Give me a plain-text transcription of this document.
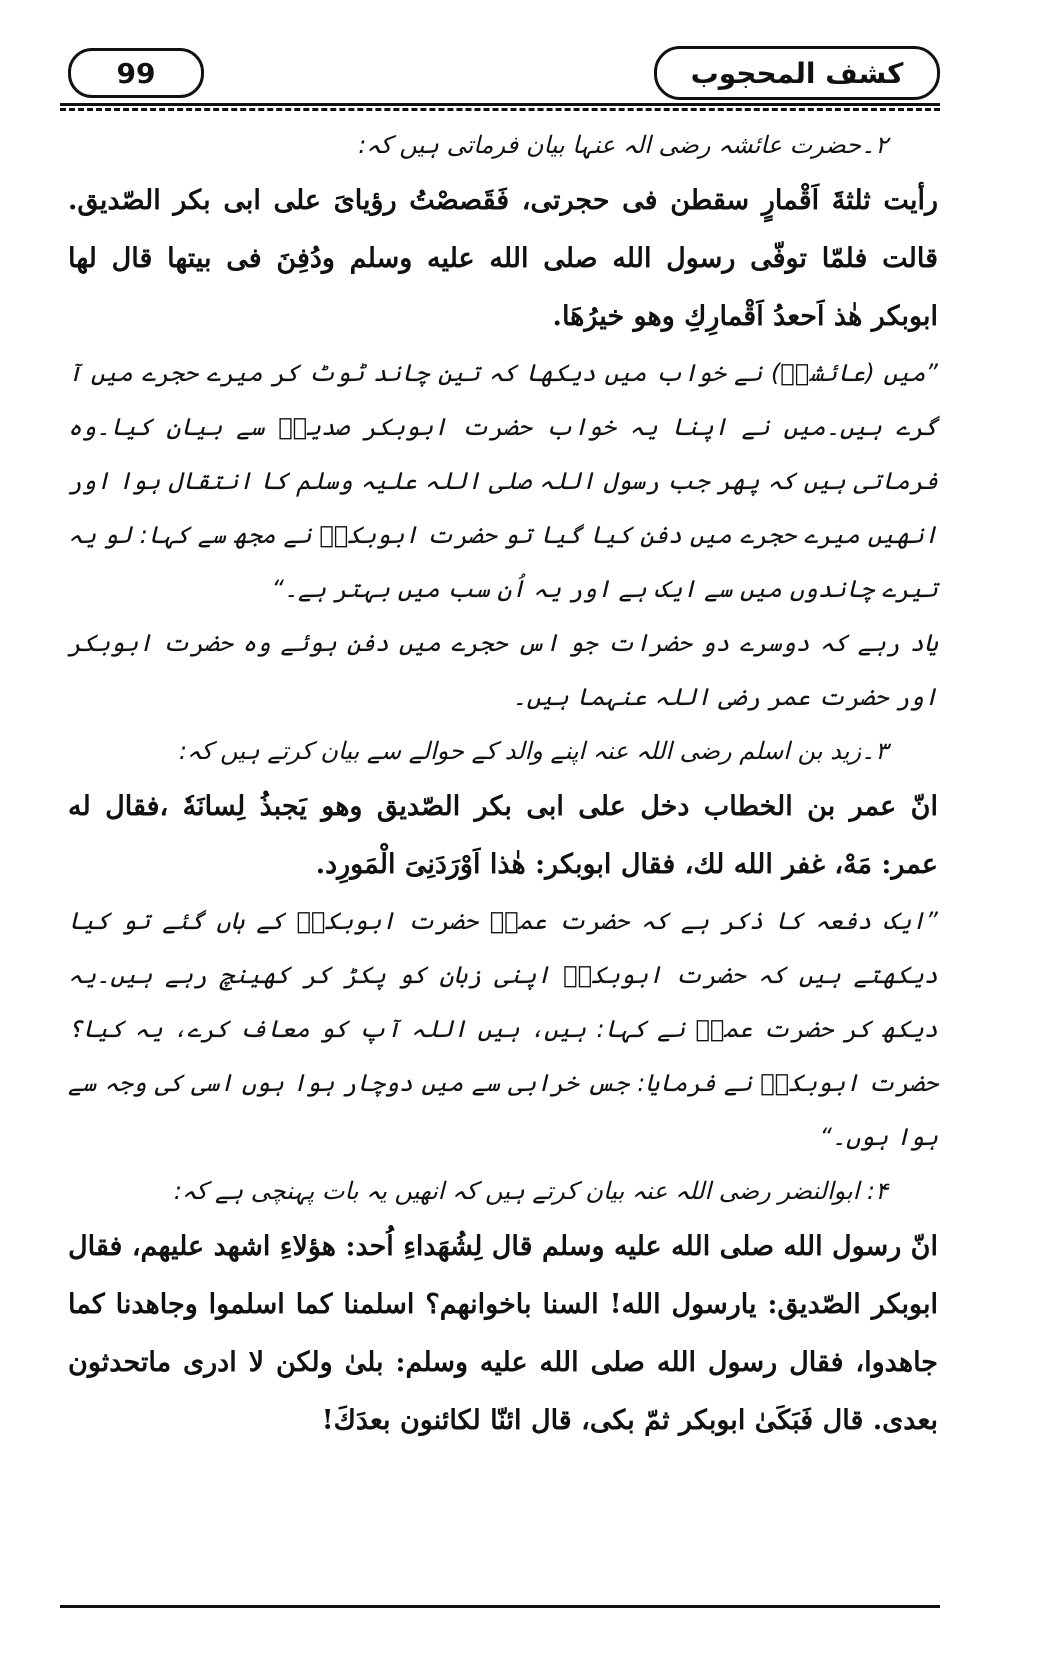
99	كشف المحجوب

۲۔حضرت عائشہ رضی الہ عنہا بیان فرماتی ہیں کہ:

رأيت ثلثةَ اَقْمارٍ سقطن فى حجرتى، فَقَصصْتُ رؤياىَ على ابى بكر الصّديق. قالت فلمّا توفّى رسول الله صلى الله عليه وسلم ودُفِنَ فى بيتها قال لها ابوبكر هٰذ اَحعدُ اَقْمارِكِ وهو خيرُهَا.

”میں (عائشہؓ) نے خواب میں دیکھا کہ تین چاند ٹوٹ کر میرے حجرے میں آ گرے ہیں۔میں نے اپنا یہ خواب حضرت ابوبکر صدیقؓ سے بیان کیا۔وہ فرماتی ہیں کہ پھر جب رسول اللہ صلی اللہ علیہ وسلم کا انتقال ہوا اور انھیں میرے حجرے میں دفن کیا گیا تو حضرت ابوبکرؓ نے مجھ سے کہا: لو یہ تیرے چاندوں میں سے ایک ہے اور یہ اُن سب میں بہتر ہے۔“

یاد رہے کہ دوسرے دو حضرات جو اس حجرے میں دفن ہوئے وہ حضرت ابوبکر اور حضرت عمر رضی اللہ عنہما ہیں۔

۳۔زید بن اسلم رضی اللہ عنہ اپنے والد کے حوالے سے بیان کرتے ہیں کہ:

انّ عمر بن الخطاب دخل على ابى بكر الصّديق وهو يَجبذُ لِسانَهٗ ،فقال له عمر: مَهْ، غفر الله لك، فقال ابوبكر: هٰذا اَوْرَدَنِىَ الْمَورِد.

”ایک دفعہ کا ذکر ہے کہ حضرت عمرؓ حضرت ابوبکرؓ کے ہاں گئے تو کیا دیکھتے ہیں کہ حضرت ابوبکرؓ اپنی زبان کو پکڑ کر کھینچ رہے ہیں۔یہ دیکھ کر حضرت عمرؓ نے کہا: ہیں، ہیں اللہ آپ کو معاف کرے، یہ کیا؟ حضرت ابوبکرؓ نے فرمایا: جس خرابی سے میں دوچار ہوا ہوں اسی کی وجہ سے ہوا ہوں۔“

۴: ابوالنضر رضی اللہ عنہ بیان کرتے ہیں کہ انھیں یہ بات پہنچی ہے کہ:

انّ رسول الله صلى الله عليه وسلم قال لِشُهَداءِ اُحد: هؤلاءِ اشهد عليهم، فقال ابوبكر الصّديق: يارسول الله! السنا باخوانهم؟ اسلمنا كما اسلموا وجاهدنا كما جاهدوا، فقال رسول الله صلى الله عليه وسلم: بلىٰ ولكن لا ادرى ماتحدثون بعدى. قال فَبَكَىٰ ابوبكر ثمّ بكى، قال ائنّا لكائنون بعدَكَ!
